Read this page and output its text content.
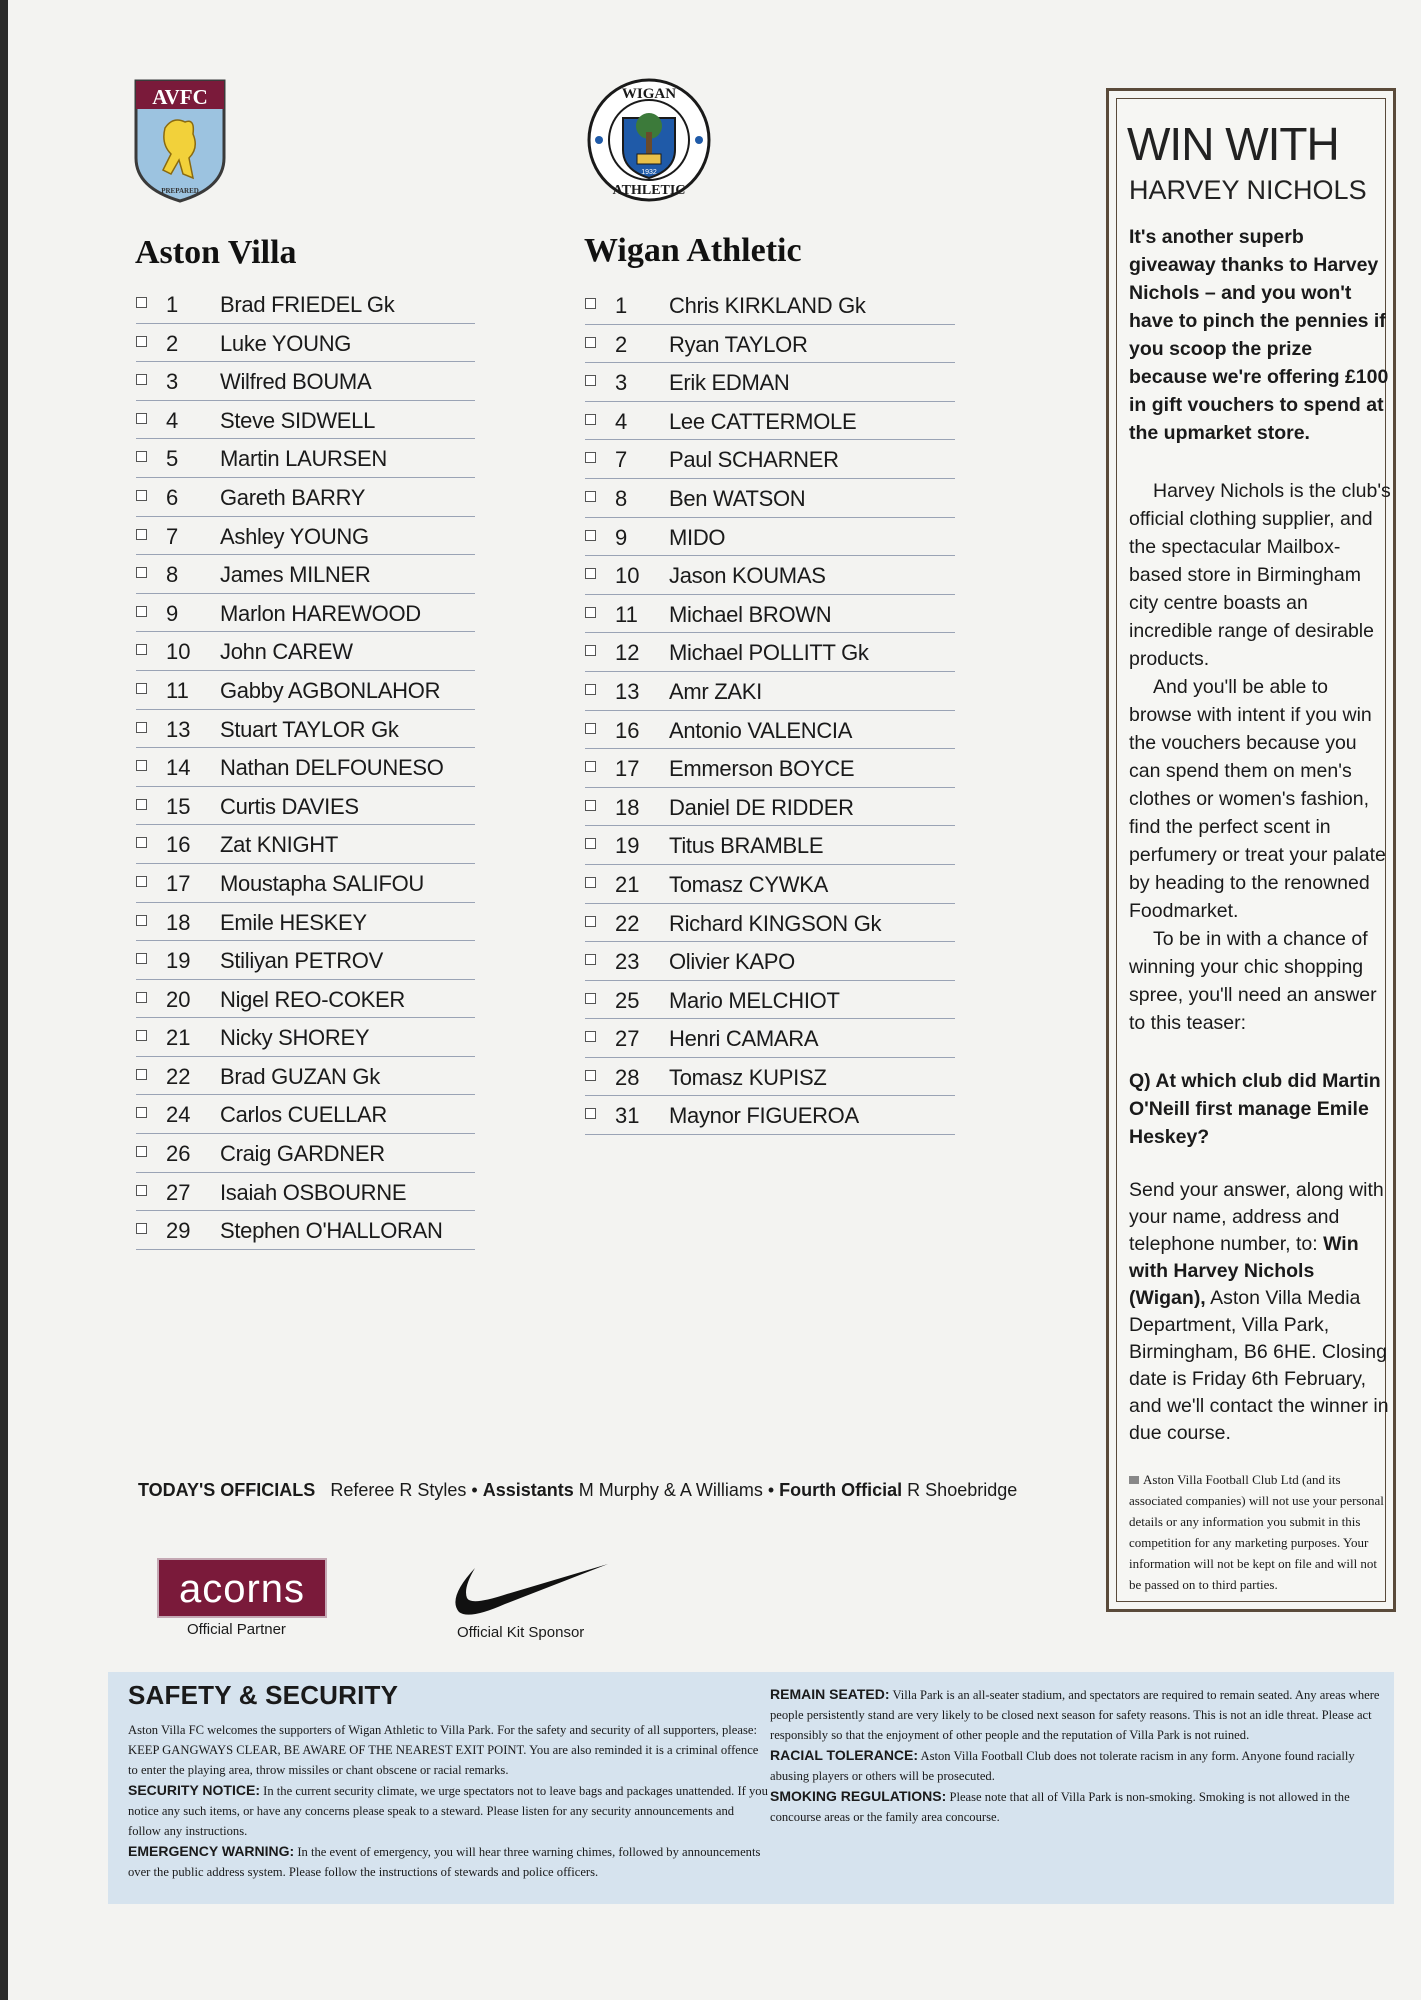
AVFC
PREPARED
WIGAN
ATHLETIC
1932
Aston Villa	Wigan Athletic
1	Brad FRIEDEL Gk
2	Luke YOUNG
3	Wilfred BOUMA
4	Steve SIDWELL
5	Martin LAURSEN
6	Gareth BARRY
7	Ashley YOUNG
8	James MILNER
9	Marlon HAREWOOD
10	John CAREW
11	Gabby AGBONLAHOR
13	Stuart TAYLOR Gk
14	Nathan DELFOUNESO
15	Curtis DAVIES
16	Zat KNIGHT
17	Moustapha SALIFOU
18	Emile HESKEY
19	Stiliyan PETROV
20	Nigel REO-COKER
21	Nicky SHOREY
22	Brad GUZAN Gk
24	Carlos CUELLAR
26	Craig GARDNER
27	Isaiah OSBOURNE
29	Stephen O'HALLORAN
1	Chris KIRKLAND Gk
2	Ryan TAYLOR
3	Erik EDMAN
4	Lee CATTERMOLE
7	Paul SCHARNER
8	Ben WATSON
9	MIDO
10	Jason KOUMAS
11	Michael BROWN
12	Michael POLLITT Gk
13	Amr ZAKI
16	Antonio VALENCIA
17	Emmerson BOYCE
18	Daniel DE RIDDER
19	Titus BRAMBLE
21	Tomasz CYWKA
22	Richard KINGSON Gk
23	Olivier KAPO
25	Mario MELCHIOT
27	Henri CAMARA
28	Tomasz KUPISZ
31	Maynor FIGUEROA
WIN WITH
HARVEY NICHOLS
It's another superb giveaway thanks to Harvey Nichols – and you won't have to pinch the pennies if you scoop the prize because we're offering £100 in gift vouchers to spend at the upmarket store.

Harvey Nichols is the club's official clothing supplier, and the spectacular Mailbox-based store in Birmingham city centre boasts an incredible range of desirable products.

And you'll be able to browse with intent if you win the vouchers because you can spend them on men's clothes or women's fashion, find the perfect scent in perfumery or treat your palate by heading to the renowned Foodmarket.

To be in with a chance of winning your chic shopping spree, you'll need an answer to this teaser:

Q) At which club did Martin O'Neill first manage Emile Heskey?
Send your answer, along with your name, address and telephone number, to: Win with Harvey Nichols (Wigan), Aston Villa Media Department, Villa Park, Birmingham, B6 6HE. Closing date is Friday 6th February, and we'll contact the winner in due course.
Aston Villa Football Club Ltd (and its associated companies) will not use your personal details or any information you submit in this competition for any marketing purposes. Your information will not be kept on file and will not be passed on to third parties.
TODAY'S OFFICIALS Referee R Styles • Assistants M Murphy & A Williams • Fourth Official R Shoebridge
acorns
Official Partner	Official Kit Sponsor
SAFETY & SECURITY
Aston Villa FC welcomes the supporters of Wigan Athletic to Villa Park. For the safety and security of all supporters, please: KEEP GANGWAYS CLEAR, BE AWARE OF THE NEAREST EXIT POINT. You are also reminded it is a criminal offence to enter the playing area, throw missiles or chant obscene or racial remarks.
SECURITY NOTICE: In the current security climate, we urge spectators not to leave bags and packages unattended. If you notice any such items, or have any concerns please speak to a steward. Please listen for any security announcements and follow any instructions.
EMERGENCY WARNING: In the event of emergency, you will hear three warning chimes, followed by announcements over the public address system. Please follow the instructions of stewards and police officers.
REMAIN SEATED: Villa Park is an all-seater stadium, and spectators are required to remain seated. Any areas where people persistently stand are very likely to be closed next season for safety reasons. This is not an idle threat. Please act responsibly so that the enjoyment of other people and the reputation of Villa Park is not ruined.
RACIAL TOLERANCE: Aston Villa Football Club does not tolerate racism in any form. Anyone found racially abusing players or others will be prosecuted.
SMOKING REGULATIONS: Please note that all of Villa Park is non-smoking. Smoking is not allowed in the concourse areas or the family area concourse.
